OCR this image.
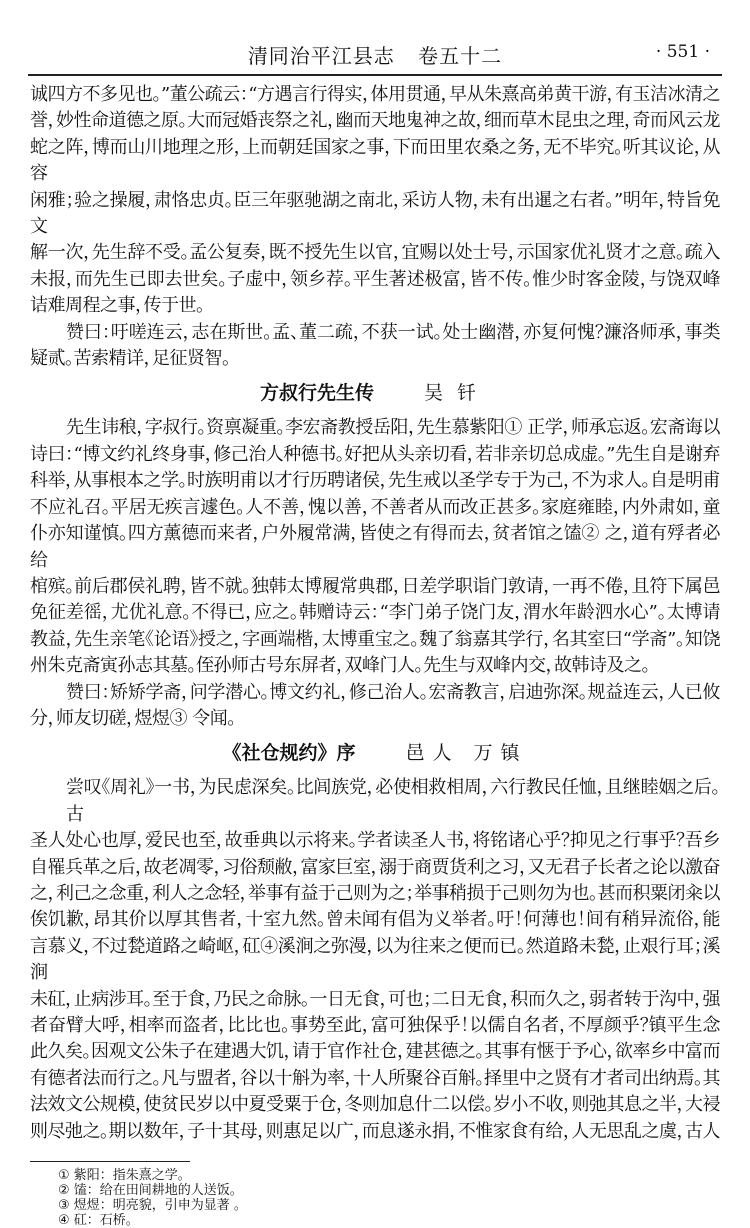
清同治平江县志 卷五十二	· 551 ·
诚四方不多见也。”董公疏云：“方遇言行得实，体用贯通，早从朱熹高弟黄干游，有玉洁冰清之
誉，妙性命道德之原。大而冠婚丧祭之礼，幽而天地鬼神之故，细而草木昆虫之理，奇而风云龙
蛇之阵，博而山川地理之形，上而朝廷国家之事，下而田里农桑之务，无不毕究。听其议论，从容
闲雅；验之操履，肃恪忠贞。臣三年驱驰湖之南北，采访人物，未有出暹之右者。”明年，特旨免文
解一次，先生辞不受。孟公复奏，既不授先生以官，宜赐以处士号，示国家优礼贤才之意。疏入
未报，而先生已即去世矣。子虚中，领乡荐。平生著述极富，皆不传。惟少时客金陵，与饶双峰
诘难周程之事，传于世。
赞曰：吁嗟连云，志在斯世。孟、董二疏，不获一试。处士幽潜，亦复何愧？濂洛师承，事类
疑贰。苦索精详，足征贤智。
方叔行先生传	吴钎
先生讳稂，字叔行。资禀凝重。李宏斋教授岳阳，先生慕紫阳① 正学，师承忘返。宏斋诲以
诗曰：“博文约礼终身事，修己治人种德书。好把从头亲切看，若非亲切总成虚。”先生自是谢弃
科举，从事根本之学。时族明甫以才行历聘诸侯，先生戒以圣学专于为己，不为求人。自是明甫
不应礼召。平居无疾言遽色。人不善，愧以善，不善者从而改正甚多。家庭雍睦，内外肃如，童
仆亦知谨慎。四方薰德而来者，户外履常满，皆使之有得而去，贫者馆之馌② 之，道有殍者必给
棺殡。前后郡侯礼聘，皆不就。独韩太博履常典郡，日差学职诣门敦请，一再不倦，且符下属邑
免征差徭，尤优礼意。不得已，应之。韩赠诗云：“李门弟子饶门友，渭水年龄泗水心”。太博请
教益，先生亲笔《论语》授之，字画端楷，太博重宝之。魏了翁嘉其学行，名其室曰“学斋”。知饶
州朱克斋寅孙志其墓。侄孙师古号东屏者，双峰门人。先生与双峰内交，故韩诗及之。
赞曰：矫矫学斋，问学潜心。博文约礼，修己治人。宏斋教言，启迪弥深。规益连云，人已攸
分，师友切磋，煜煜③ 令闻。
《社仓规约》序	邑人 万镇
尝叹《周礼》一书，为民虑深矣。比闾族党，必使相救相周，六行教民任恤，且继睦姻之后。古
圣人处心也厚，爱民也至，故垂典以示将来。学者读圣人书，将铭诸心乎？抑见之行事乎？吾乡
自罹兵革之后，故老凋零，习俗颓敝，富家巨室，溺于商贾货利之习，又无君子长者之论以激奋
之，利己之念重，利人之念轻，举事有益于己则为之；举事稍损于己则勿为也。甚而积粟闭籴以
俟饥歉，昂其价以厚其售者，十室九然。曾未闻有倡为义举者。吁！何薄也！间有稍异流俗，能
言慕义，不过甃道路之崎岖，矼④溪涧之弥漫，以为往来之便而已。然道路未甃，止艰行耳；溪涧
未矼，止病涉耳。至于食，乃民之命脉。一日无食，可也；二日无食，积而久之，弱者转于沟中，强
者奋臂大呼，相率而盗者，比比也。事势至此，富可独保乎！以儒自名者，不厚颜乎？镇平生念
此久矣。因观文公朱子在建遇大饥，请于官作社仓，建甚德之。其事有惬于予心，欲率乡中富而
有德者法而行之。凡与盟者，谷以十斛为率，十人所聚谷百斛。择里中之贤有才者司出纳焉。其
法效文公规模，使贫民岁以中夏受粟于仓，冬则加息什二以偿。岁小不收，则弛其息之半，大祲
则尽弛之。期以数年，子十其母，则惠足以广，而息遂永捐，不惟家食有给，人无思乱之虞，古人
① 紫阳：指朱熹之学。
② 馌：给在田间耕地的人送饭。
③ 煜煜：明亮貌，引申为显著 。
④ 矼：石桥。
